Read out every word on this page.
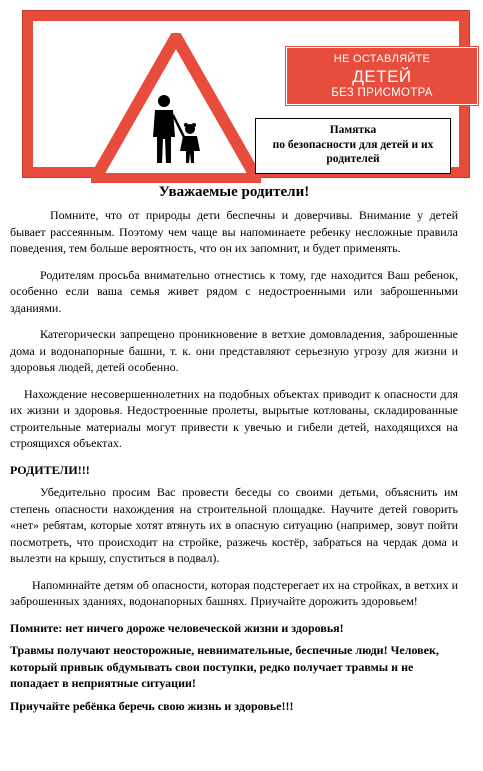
НЕ ОСТАВЛЯЙТЕ
ДЕТЕЙ
БЕЗ ПРИСМОТРА
Памятка
по безопасности для детей и их
родителей
Уважаемые родители!

Помните, что от природы дети беспечны и доверчивы. Внимание у детей бывает рассеянным. Поэтому чем чаще вы напоминаете ребенку несложные правила поведения, тем больше вероятность, что он их запомнит, и будет применять.

Родителям просьба внимательно отнестись к тому, где находится Ваш ребенок, особенно если ваша семья живет рядом с недостроенными или заброшенными зданиями.

Категорически запрещено проникновение в ветхие домовладения, заброшенные дома и водонапорные башни, т. к. они представляют серьезную угрозу для жизни и здоровья людей, детей особенно.

Нахождение несовершеннолетних на подобных объектах приводит к опасности для их жизни и здоровья. Недостроенные пролеты, вырытые котлованы, складированные строительные материалы могут привести к увечью и гибели детей, находящихся на строящихся объектах.

РОДИТЕЛИ!!!

Убедительно просим Вас провести беседы со своими детьми, объяснить им степень опасности нахождения на строительной площадке. Научите детей говорить «нет» ребятам, которые хотят втянуть их в опасную ситуацию (например, зовут пойти посмотреть, что происходит на стройке, разжечь костёр, забраться на чердак дома и вылезти на крышу, спуститься в подвал).

Напоминайте детям об опасности, которая подстерегает их на стройках, в ветхих и заброшенных зданиях, водонапорных башнях. Приучайте дорожить здоровьем!

Помните: нет ничего дороже человеческой жизни и здоровья!

Травмы получают неосторожные, невнимательные, беспечные люди! Человек, который привык обдумывать свои поступки, редко получает травмы и не попадает в неприятные ситуации!

Приучайте ребёнка беречь свою жизнь и здоровье!!!
